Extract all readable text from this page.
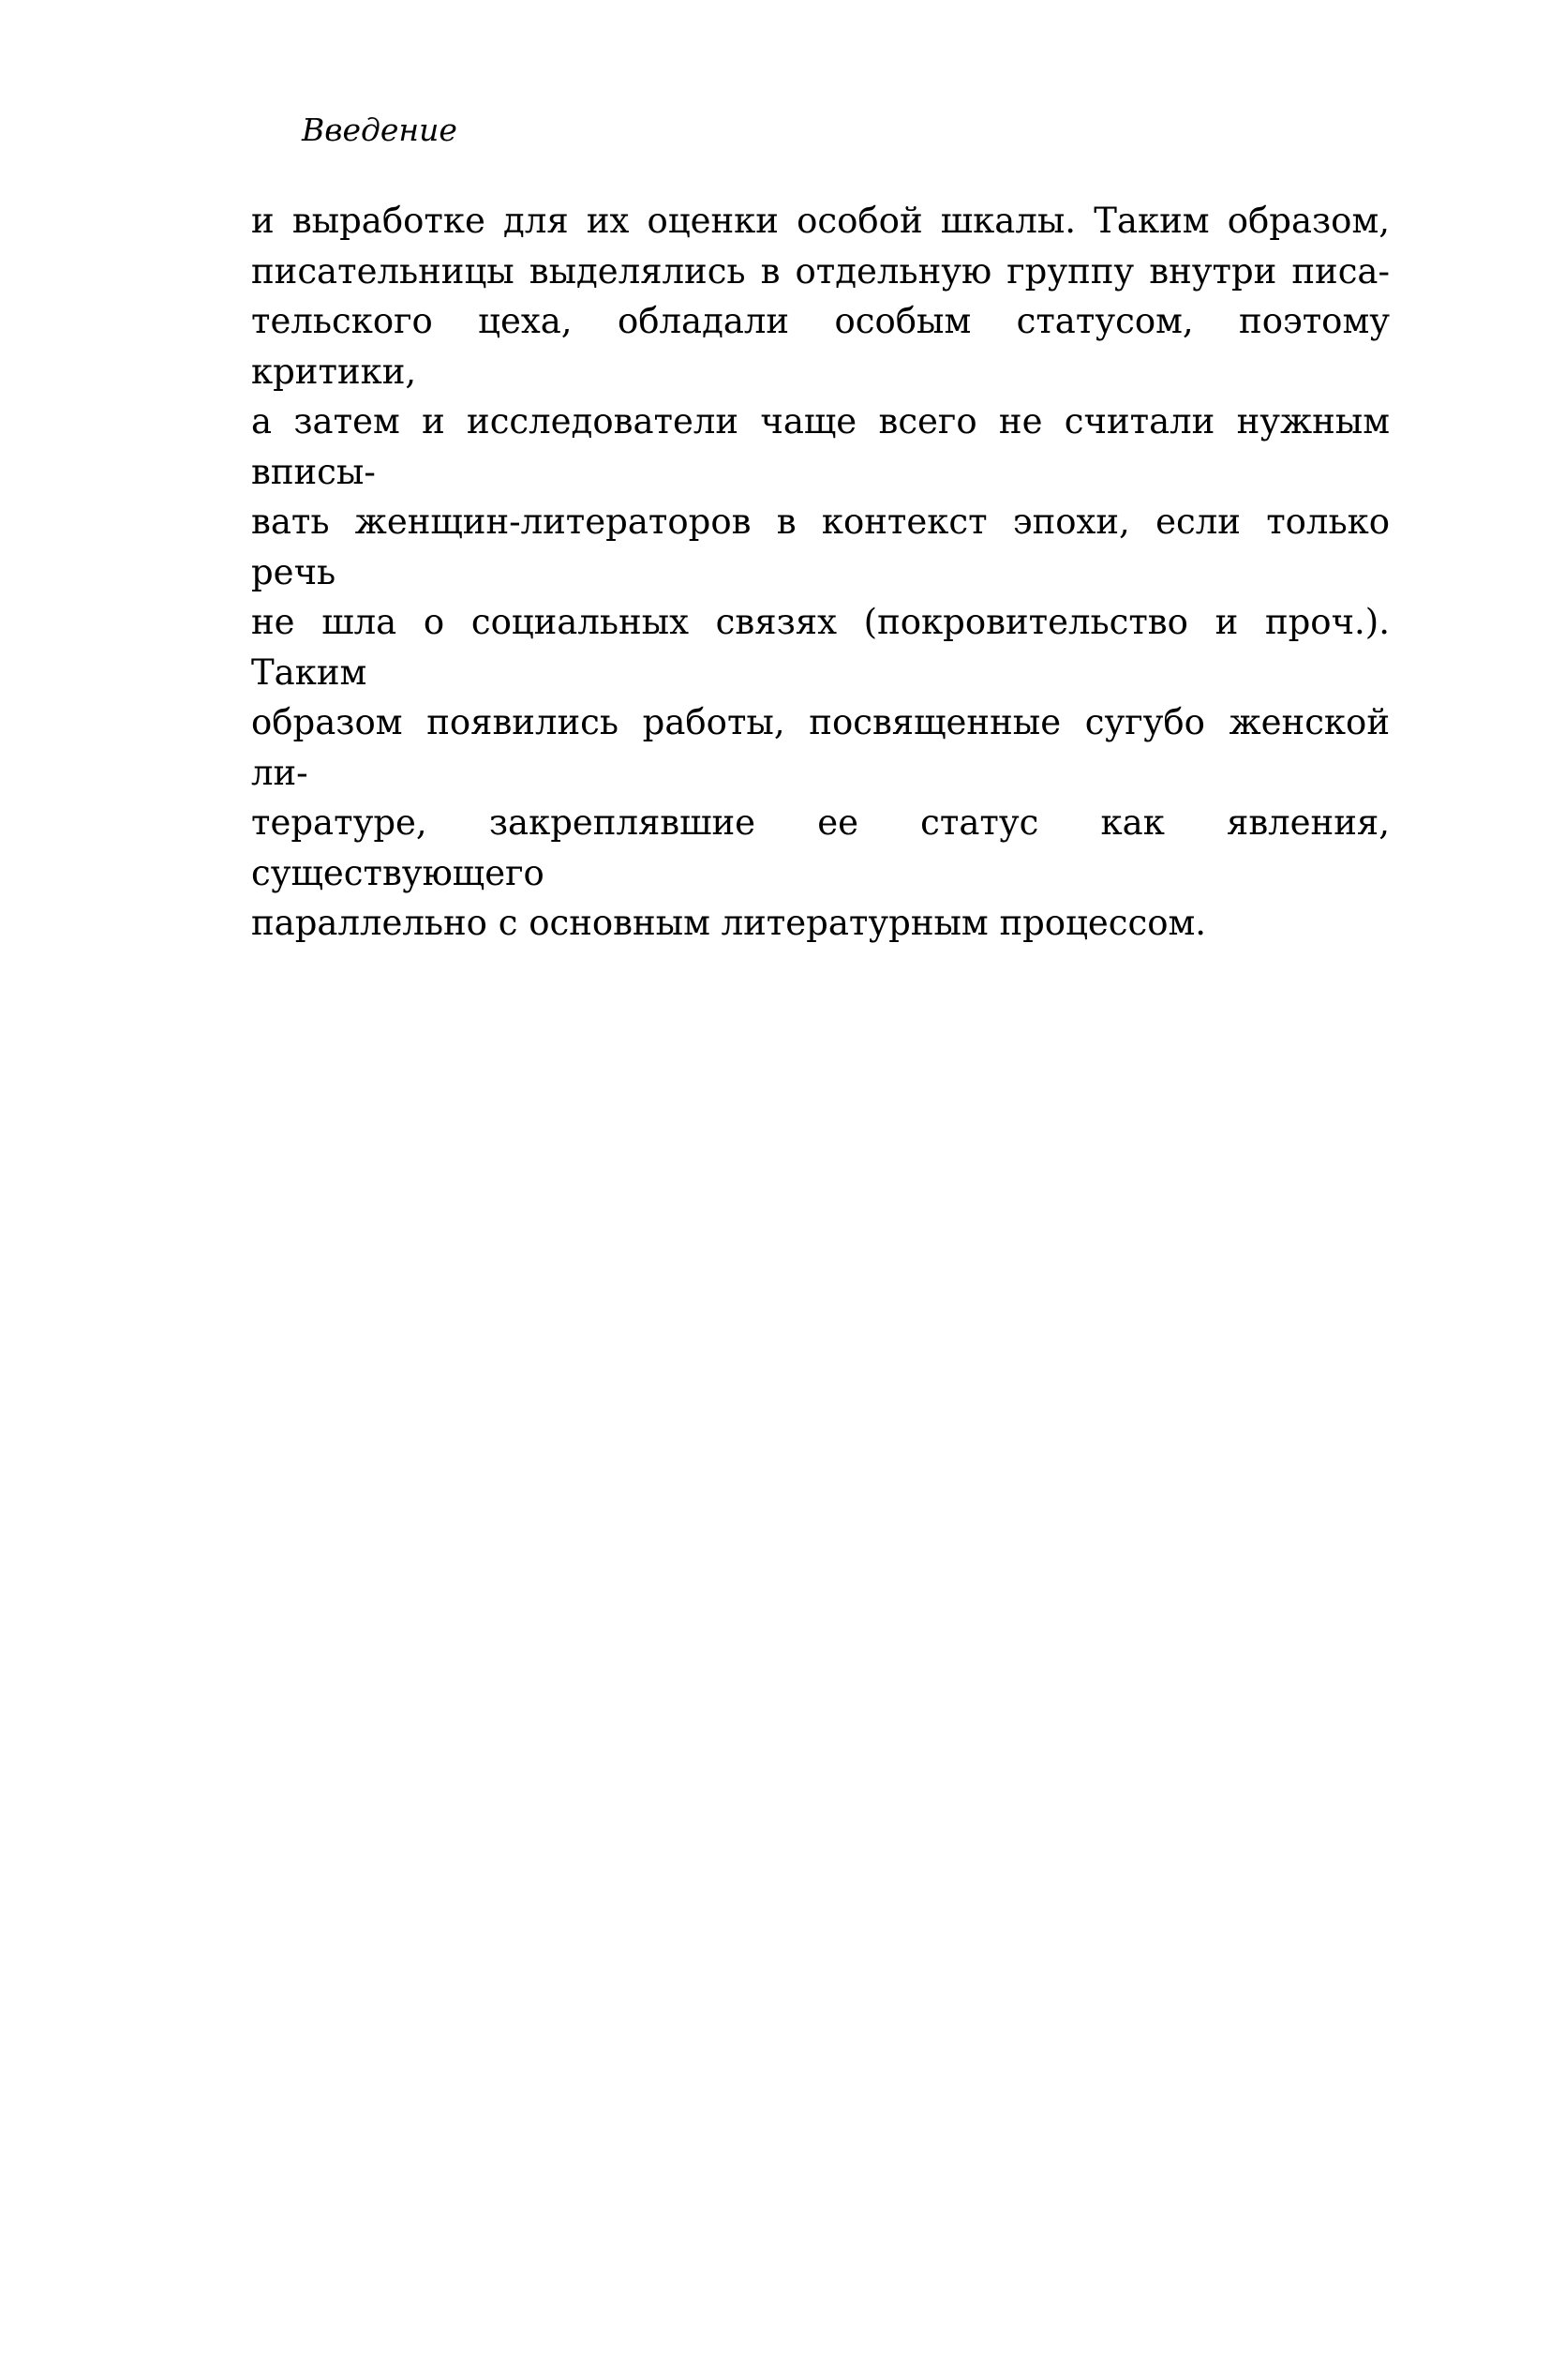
Введение
и выработке для их оценки особой шкалы. Таким образом,
писательницы выделялись в отдельную группу внутри писа-
тельского цеха, обладали особым статусом, поэтому критики,
а затем и исследователи чаще всего не считали нужным вписы-
вать женщин-литераторов в контекст эпохи, если только речь
не шла о социальных связях (покровительство и проч.). Таким
образом появились работы, посвященные сугубо женской ли-
тературе, закреплявшие ее статус как явления, существующего
параллельно с основным литературным процессом.
